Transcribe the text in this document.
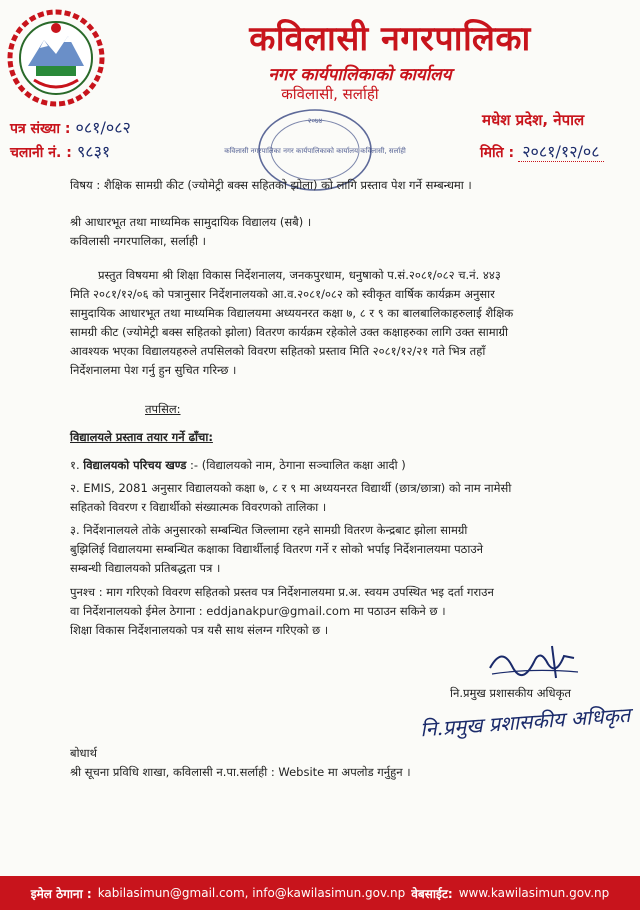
कविलासी नगरपालिका
नगर कार्यपालिकाको कार्यालय
कविलासी, सर्लाही
पत्र संख्या : ०८१/०८२
चलानी नं. : ९८३१
मधेश प्रदेश, नेपाल
मिति : २०८१/१२/०८
२०७४
कविलासी नगरपालिका नगर कार्यपालिकाको कार्यालय कविलासी, सर्लाही
विषय : शैक्षिक सामग्री कीट (ज्योमेट्री बक्स सहितको झोला) को लागि प्रस्ताव पेश गर्ने सम्बन्धमा ।
श्री आधारभूत तथा माध्यमिक सामुदायिक विद्यालय (सबै) ।
कविलासी नगरपालिका, सर्लाही ।
प्रस्तुत विषयमा श्री शिक्षा विकास निर्देशनालय, जनकपुरधाम, धनुषाको प.सं.२०८१/०८२ च.नं. ४४३
मिति २०८१/१२/०६ को पत्रानुसार निर्देशनालयको आ.व.२०८१/०८२ को स्वीकृत वार्षिक कार्यक्रम अनुसार
सामुदायिक आधारभूत तथा माध्यमिक विद्यालयमा अध्ययनरत कक्षा ७, ८ र ९ का बालबालिकाहरुलाई शैक्षिक
सामग्री कीट (ज्योमेट्री बक्स सहितको झोला) वितरण कार्यक्रम रहेकोले उक्त कक्षाहरुका लागि उक्त सामाग्री
आवश्यक भएका विद्यालयहरुले तपसिलको विवरण सहितको प्रस्ताव मिति २०८१/१२/२१ गते भित्र तहाँ
निर्देशनालमा पेश गर्नु हुन सुचित गरिन्छ ।
तपसिल:
विद्यालयले प्रस्ताव तयार गर्ने ढाँचा:
१. विद्यालयको परिचय खण्ड :- (विद्यालयको नाम, ठेगाना सञ्चालित कक्षा आदी )
२. EMIS, 2081 अनुसार विद्यालयको कक्षा ७, ८ र ९ मा अध्ययनरत विद्यार्थी (छात्र/छात्रा) को नाम नामेसी
सहितको विवरण र विद्यार्थीको संख्यात्मक विवरणको तालिका ।
३. निर्देशनालयले तोके अनुसारको सम्बन्धित जिल्लामा रहने सामग्री वितरण केन्द्रबाट झोला सामग्री
बुझिलिई विद्यालयमा सम्बन्धित कक्षाका विद्यार्थीलाई वितरण गर्ने र सोको भर्पाइ निर्देशनालयमा पठाउने
सम्बन्धी विद्यालयको प्रतिबद्धता पत्र ।
पुनश्च : माग गरिएको विवरण सहितको प्रस्तव पत्र निर्देशनालयमा प्र.अ. स्वयम उपस्थित भइ दर्ता गराउन
वा निर्देशनालयको ईमेल ठेगाना : eddjanakpur@gmail.com मा पठाउन सकिने छ ।
शिक्षा विकास निर्देशनालयको पत्र यसै साथ संलग्न गरिएको छ ।
नि.प्रमुख प्रशासकीय अधिकृत
नि.प्रमुख प्रशासकीय अधिकृत
बोधार्थ
श्री सूचना प्रविधि शाखा, कविलासी न.पा.सर्लाही : Website मा अपलोड गर्नुहुन ।
इमेल ठेगाना : kabilasimun@gmail.com, info@kawilasimun.gov.np वेबसाईट: www.kawilasimun.gov.np
